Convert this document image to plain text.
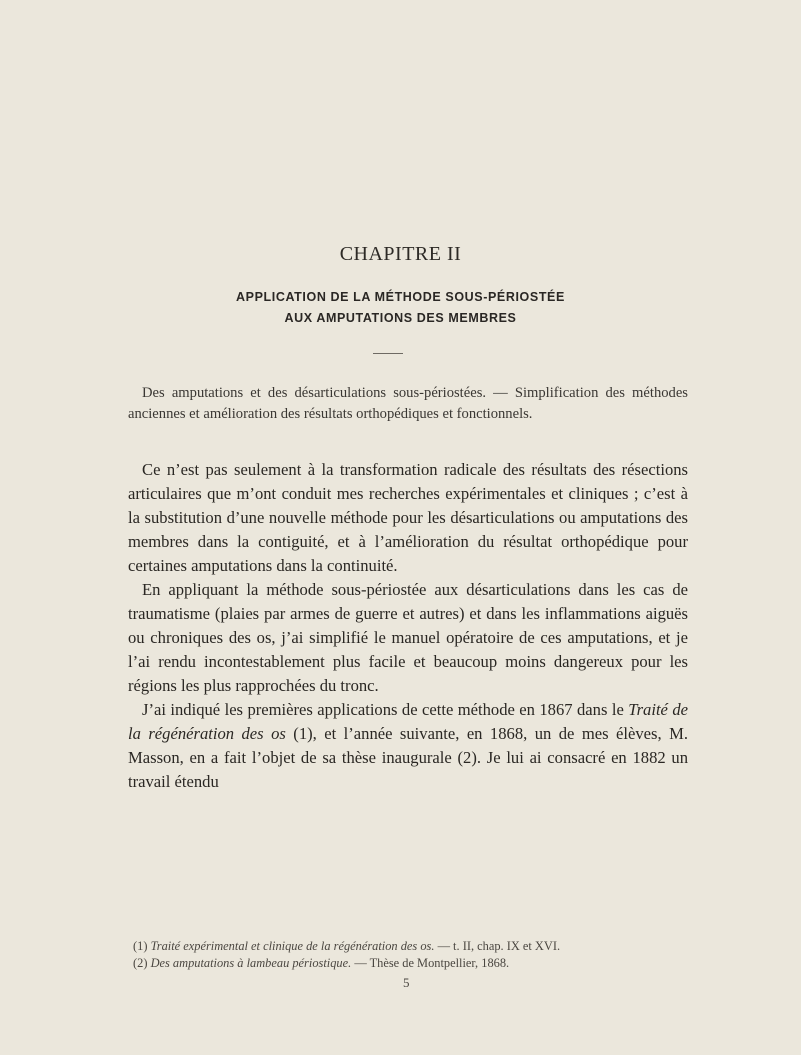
CHAPITRE II
APPLICATION DE LA MÉTHODE SOUS-PÉRIOSTÉE
AUX AMPUTATIONS DES MEMBRES

Des amputations et des désarticulations sous-périostées. — Simplification des méthodes anciennes et amélioration des résultats orthopédiques et fonctionnels.

Ce n’est pas seulement à la transformation radicale des résultats des résections articulaires que m’ont conduit mes recherches expérimentales et cliniques ; c’est à la substitution d’une nouvelle méthode pour les désarticulations ou amputations des membres dans la contiguité, et à l’amélioration du résultat orthopédique pour certaines amputations dans la continuité.

En appliquant la méthode sous-périostée aux désarticulations dans les cas de traumatisme (plaies par armes de guerre et autres) et dans les inflammations aiguës ou chroniques des os, j’ai simplifié le manuel opératoire de ces amputations, et je l’ai rendu incontestablement plus facile et beaucoup moins dangereux pour les régions les plus rapprochées du tronc.

J’ai indiqué les premières applications de cette méthode en 1867 dans le Traité de la régénération des os (1), et l’année suivante, en 1868, un de mes élèves, M. Masson, en a fait l’objet de sa thèse inaugurale (2). Je lui ai consacré en 1882 un travail étendu

(1) Traité expérimental et clinique de la régénération des os. — t. II, chap. IX et XVI.

(2) Des amputations à lambeau périostique. — Thèse de Montpellier, 1868.

5
